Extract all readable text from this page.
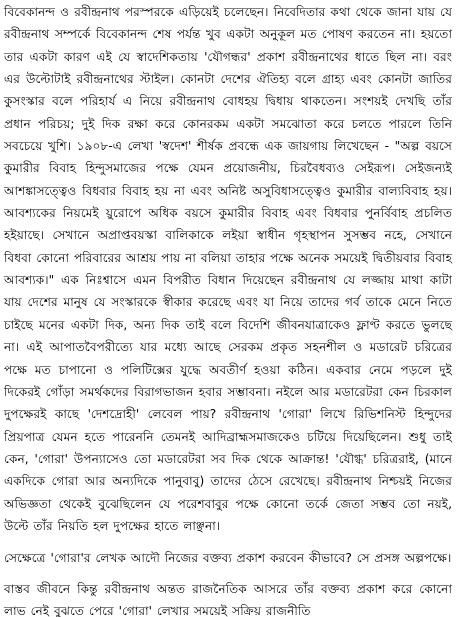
বিবেকানন্দ ও রবীন্দ্রনাথ পরস্পরকে এড়িয়েই চলেছেন। নিবেদিতার কথা থেকে জানা যায় যে রবীন্দ্রনাথ সম্পর্কে বিবেকানন্দ শেষ পর্যন্ত খুব একটা অনুকূল মত পোষণ করতেন না। হয়তো তার একটা কারণ এই যে স্বাদেশিকতায় 'যৌগন্ধর' প্রকাশ রবীন্দ্রনাথের ধাতে ছিল না। বরং এর উল্টোটাই রবীন্দ্রনাথের স্টাইল। কোনটা দেশের ঐতিহ্য বলে গ্রাহ্য এবং কোনটা জাতির কুসংস্কার বলে পরিহার্য এ নিয়ে রবীন্দ্রনাথ বোধহয় দ্বিধায় থাকতেন। সংশয়ই দেখছি তাঁর প্রধান পরিচয়; দুই দিক রক্ষা করে কোনরকম একটা সমঝোতা করে চলতে পারলে তিনি সবচেয়ে খুশি। ১৯০৮-এ লেখা 'স্বদেশ' শীর্ষক প্রবন্ধে এক জায়গায় লিখেছেন - "অল্প বয়সে কুমারীর বিবাহ হিন্দুসমাজের পক্ষে যেমন প্রয়োজনীয়, চিরবৈধব্যও সেইরূপ। সেইজন্যই আশঙ্কাসত্ত্বেও বিধবার বিবাহ হয় না এবং অনিষ্ট অসুবিধাসত্ত্বেও কুমারীর বাল্যবিবাহ হয়। আবশ্যকের নিয়মেই য়ুরোপে অধিক বয়সে কুমারীর বিবাহ এবং বিধবার পুনর্বিবাহ প্রচলিত হইয়াছে। সেখানে অপ্রাপ্তবয়স্কা বালিকাকে লইয়া স্বাধীন গৃহস্থাপন সুসম্ভব নহে, সেখানে বিধবা কোনো পরিবারের আশ্রয় পায় না বলিয়া তাহার পক্ষে অনেক সময়েই দ্বিতীয়বার বিবাহ আবশ্যক।" এক নিঃশ্বাসে এমন বিপরীত বিধান দিয়েছেন রবীন্দ্রনাথ যে লজ্জায় মাথা কাটা যায় দেশের মানুষ যে সংস্কারকে স্বীকার করেছে এবং যা নিয়ে তাদের গর্ব তাকে মেনে নিতে চাইছে মনের একটা দিক, অন্য দিক তাই বলে বিদেশি জীবনযাত্রাকেও ফ্লাণ্ট করতে ভুলছে না। এই আপাতবৈপরীত্যে যার মধ্যে আছে সেরকম প্রকৃত সহনশীল ও মডারেট চরিত্রের পক্ষে মত চাপানো ও পলিটিক্সের যুদ্ধে অবতীর্ণ হওয়া কঠিন। একবার নেমে পড়লে দুই দিকেরই গোঁড়া সমর্থকদের বিরাগভাজন হবার সম্ভাবনা। নইলে আর মডারেটরা কেন চিরকাল দুপক্ষেরই কাছে 'দেশদ্রোহী' লেবেল পায়? রবীন্দ্রনাথ 'গোরা' লিখে রিভিশনিস্ট হিন্দুদের প্রিয়পাত্র যেমন হতে পারেননি তেমনই আদিব্রাহ্মসমাজকেও চটিয়ে দিয়েছিলেন। শুধু তাই কেন, 'গোরা' উপন্যাসেও তো মডারেটরা সব দিক থেকে আক্রান্ত! 'যৌগ্ধ' চরিত্ররাই, (মানে একদিকে গোরা আর অন্যদিকে পানুবাবু) তাদের ঠেসে রেখেছে। রবীন্দ্রনাথ নিশ্চয়ই নিজের অভিজ্ঞতা থেকেই বুঝেছিলেন যে পরেশবাবুর পক্ষে কোনো তর্কে জেতা সম্ভব তো নয়ই, উল্টে তাঁর নিয়তি হল দুপক্ষের হাতে লাঞ্ছনা।

সেক্ষেত্রে 'গোরা'র লেখক আদৌ নিজের বক্তব্য প্রকাশ করবেন কীভাবে? সে প্রসঙ্গ অল্পপক্ষে।

বাস্তব জীবনে কিন্তু রবীন্দ্রনাথ অন্তত রাজনৈতিক আসরে তাঁর বক্তব্য প্রকাশ করে কোনো লাভ নেই বুঝতে পেরে 'গোরা' লেখার সময়েই সক্রিয় রাজনীতি
